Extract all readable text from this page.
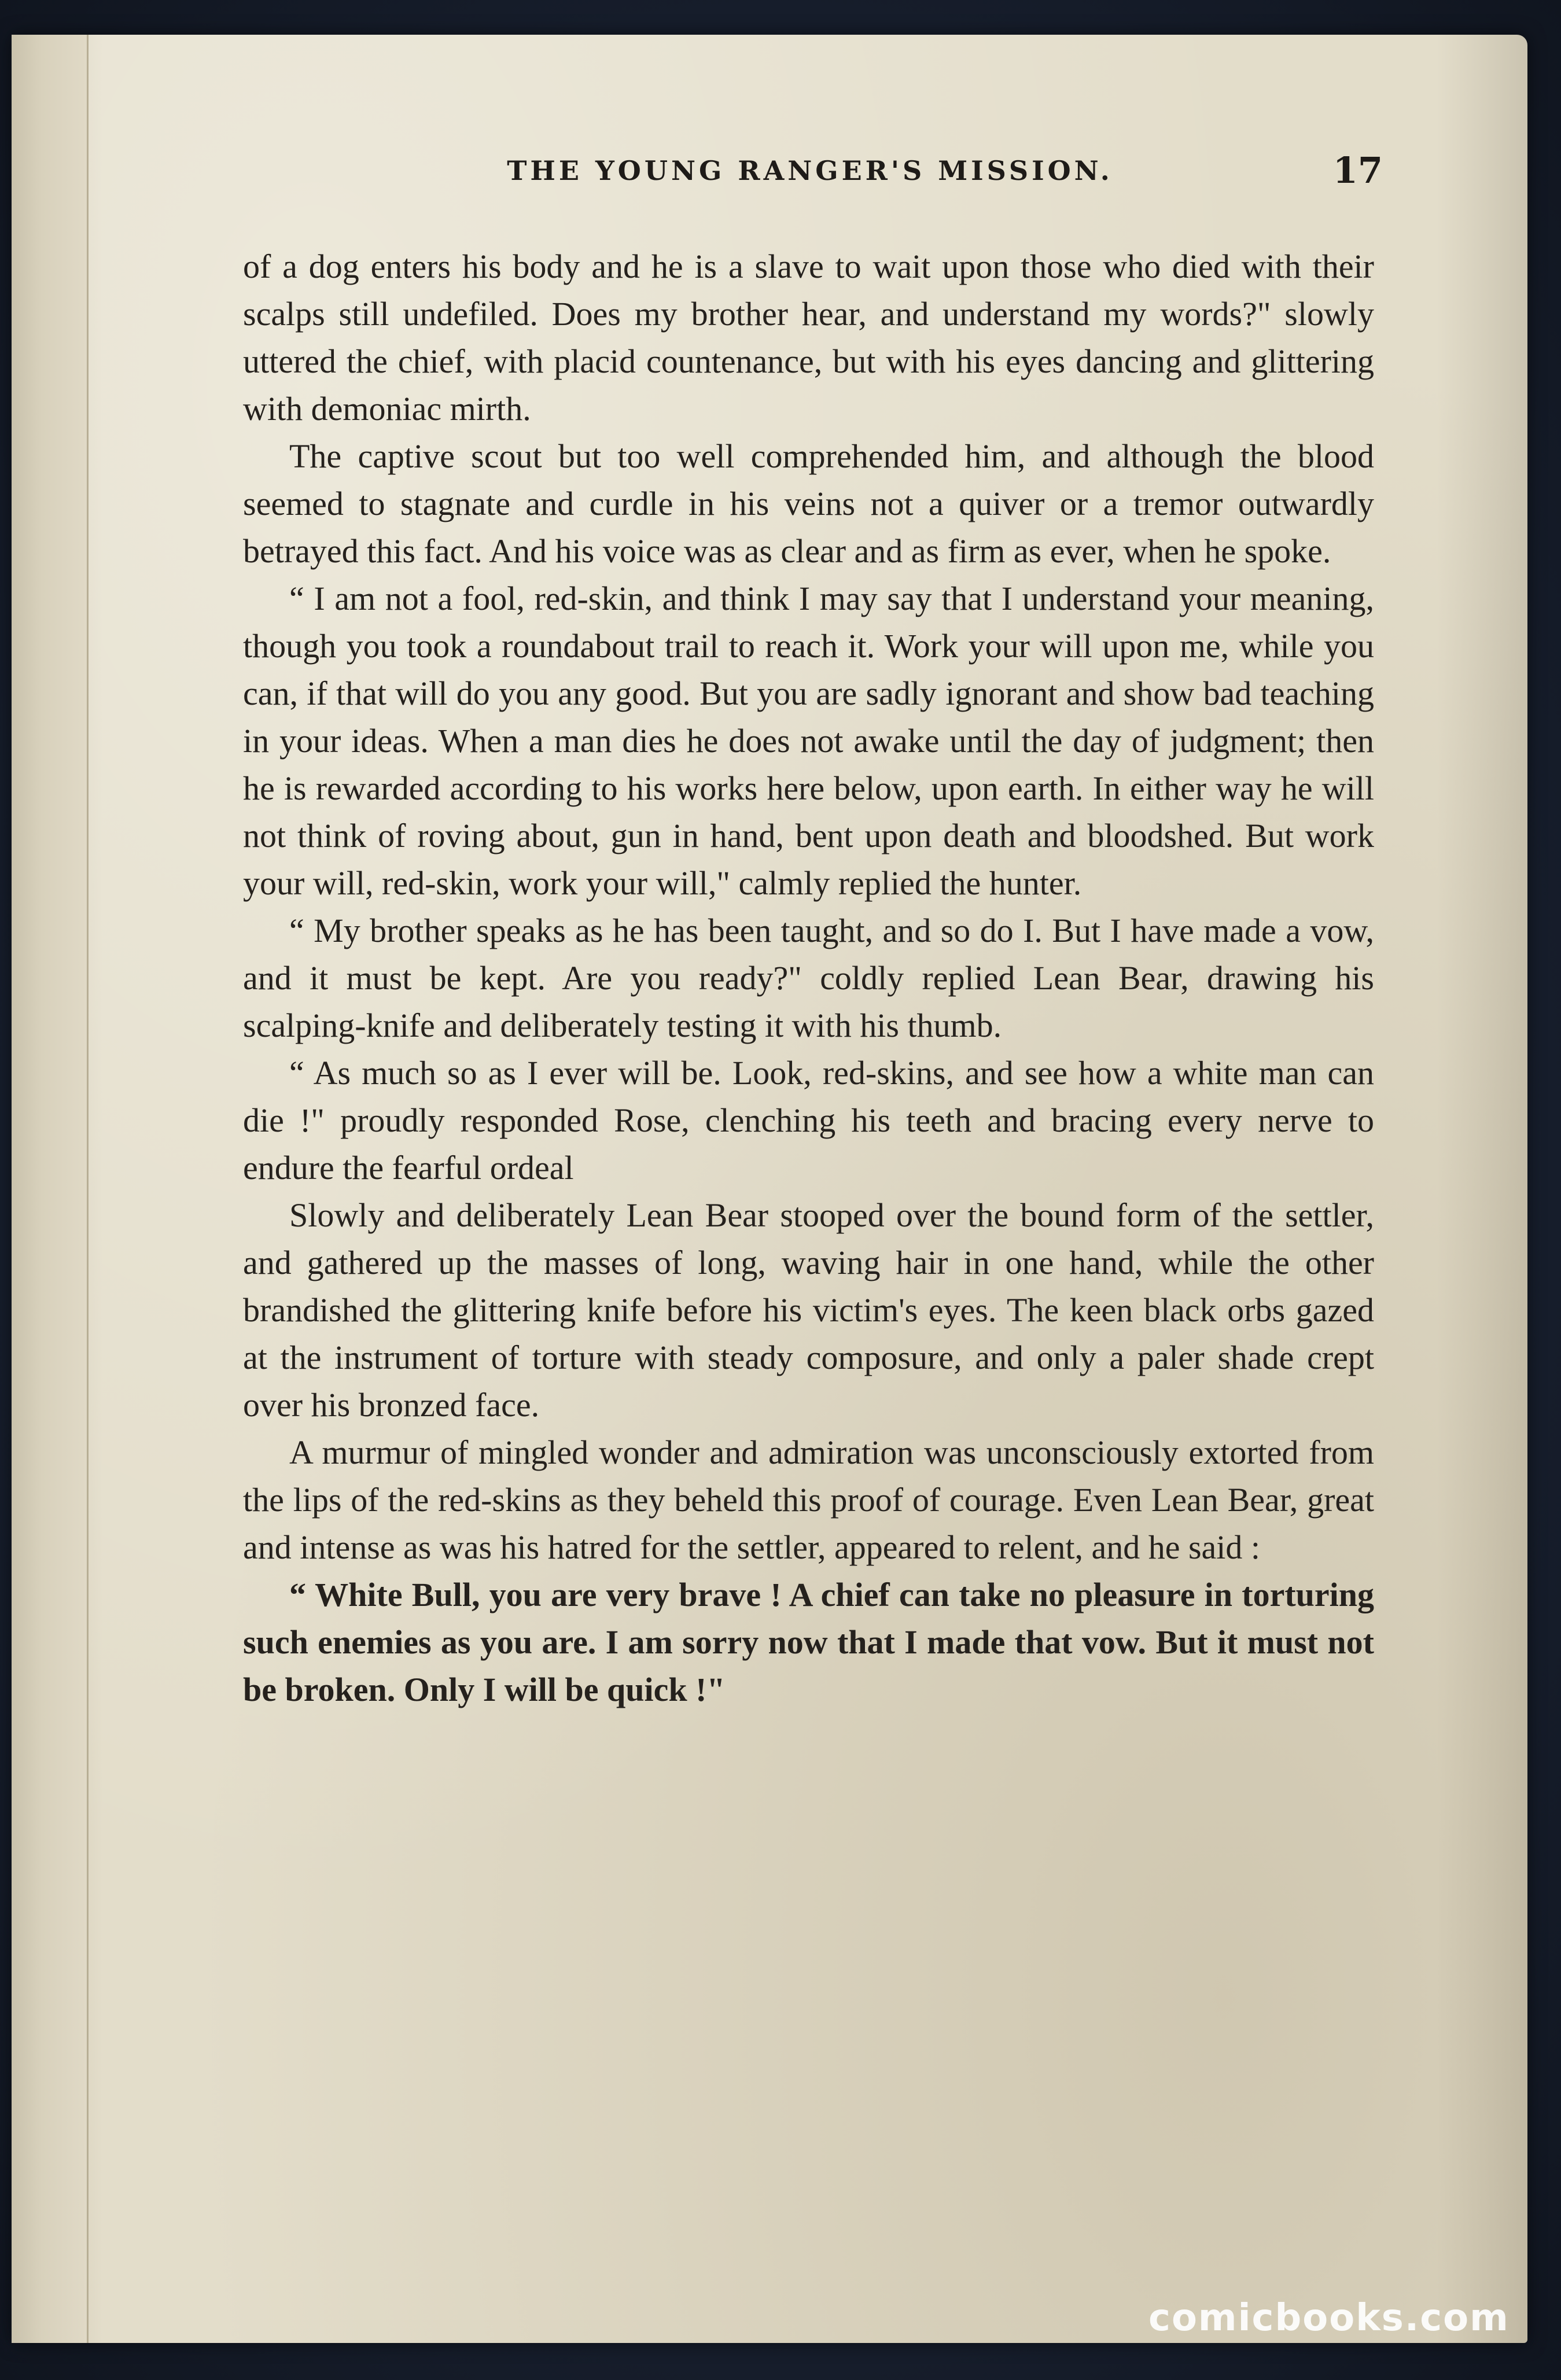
THE YOUNG RANGER'S MISSION.	17

of a dog enters his body and he is a slave to wait upon those who died with their scalps still undefiled. Does my brother hear, and understand my words?" slowly uttered the chief, with placid countenance, but with his eyes dancing and glittering with demoniac mirth.

The captive scout but too well comprehended him, and although the blood seemed to stagnate and curdle in his veins not a quiver or a tremor outwardly betrayed this fact. And his voice was as clear and as firm as ever, when he spoke.

“ I am not a fool, red-skin, and think I may say that I understand your meaning, though you took a roundabout trail to reach it. Work your will upon me, while you can, if that will do you any good. But you are sadly ignorant and show bad teaching in your ideas. When a man dies he does not awake until the day of judgment; then he is rewarded according to his works here below, upon earth. In either way he will not think of roving about, gun in hand, bent upon death and bloodshed. But work your will, red-skin, work your will," calmly replied the hunter.

“ My brother speaks as he has been taught, and so do I. But I have made a vow, and it must be kept. Are you ready?" coldly replied Lean Bear, drawing his scalping-knife and deliberately testing it with his thumb.

“ As much so as I ever will be. Look, red-skins, and see how a white man can die !" proudly responded Rose, clenching his teeth and bracing every nerve to endure the fearful ordeal

Slowly and deliberately Lean Bear stooped over the bound form of the settler, and gathered up the masses of long, waving hair in one hand, while the other brandished the glittering knife before his victim's eyes. The keen black orbs gazed at the instrument of torture with steady composure, and only a paler shade crept over his bronzed face.

A murmur of mingled wonder and admiration was unconsciously extorted from the lips of the red-skins as they beheld this proof of courage. Even Lean Bear, great and intense as was his hatred for the settler, appeared to relent, and he said :

“ White Bull, you are very brave ! A chief can take no pleasure in torturing such enemies as you are. I am sorry now that I made that vow. But it must not be broken. Only I will be quick !"

comicbooks.com
